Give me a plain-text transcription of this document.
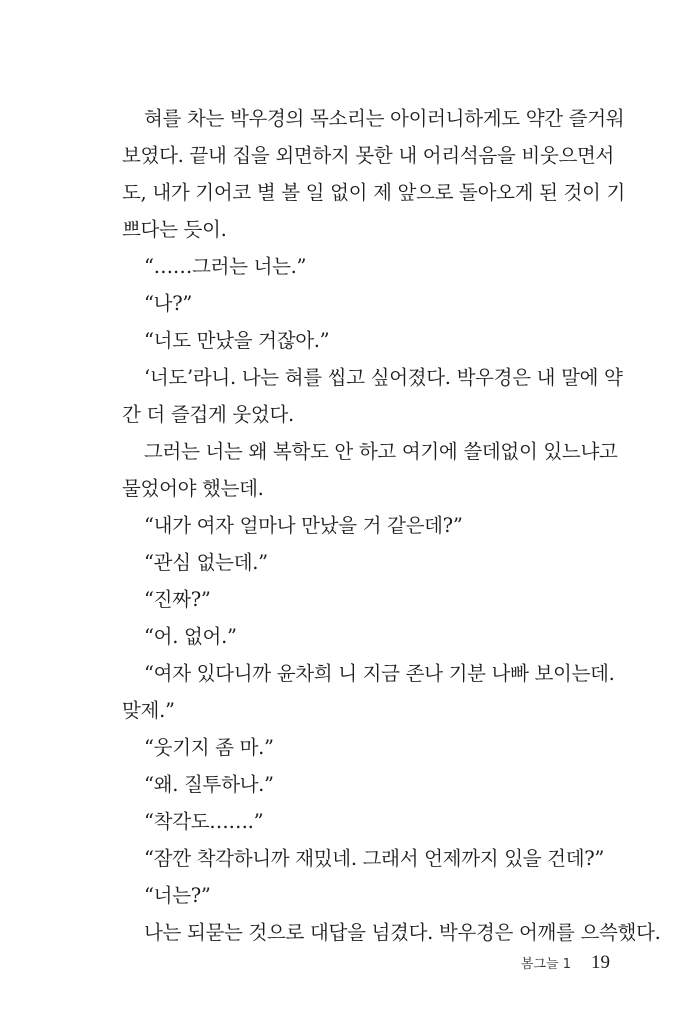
혀를 차는 박우경의 목소리는 아이러니하게도 약간 즐거워

보였다. 끝내 집을 외면하지 못한 내 어리석음을 비웃으면서

도, 내가 기어코 별 볼 일 없이 제 앞으로 돌아오게 된 것이 기

쁘다는 듯이.

“……그러는 너는.”

“나?”

“너도 만났을 거잖아.”

‘너도’라니. 나는 혀를 씹고 싶어졌다. 박우경은 내 말에 약

간 더 즐겁게 웃었다.

그러는 너는 왜 복학도 안 하고 여기에 쓸데없이 있느냐고

물었어야 했는데.

“내가 여자 얼마나 만났을 거 같은데?”

“관심 없는데.”

“진짜?”

“어. 없어.”

“여자 있다니까 윤차희 니 지금 존나 기분 나빠 보이는데.

맞제.”

“웃기지 좀 마.”

“왜. 질투하나.”

“착각도…….”

“잠깐 착각하니까 재밌네. 그래서 언제까지 있을 건데?”

“너는?”

나는 되묻는 것으로 대답을 넘겼다. 박우경은 어깨를 으쓱했다.

봄그늘 1 19
